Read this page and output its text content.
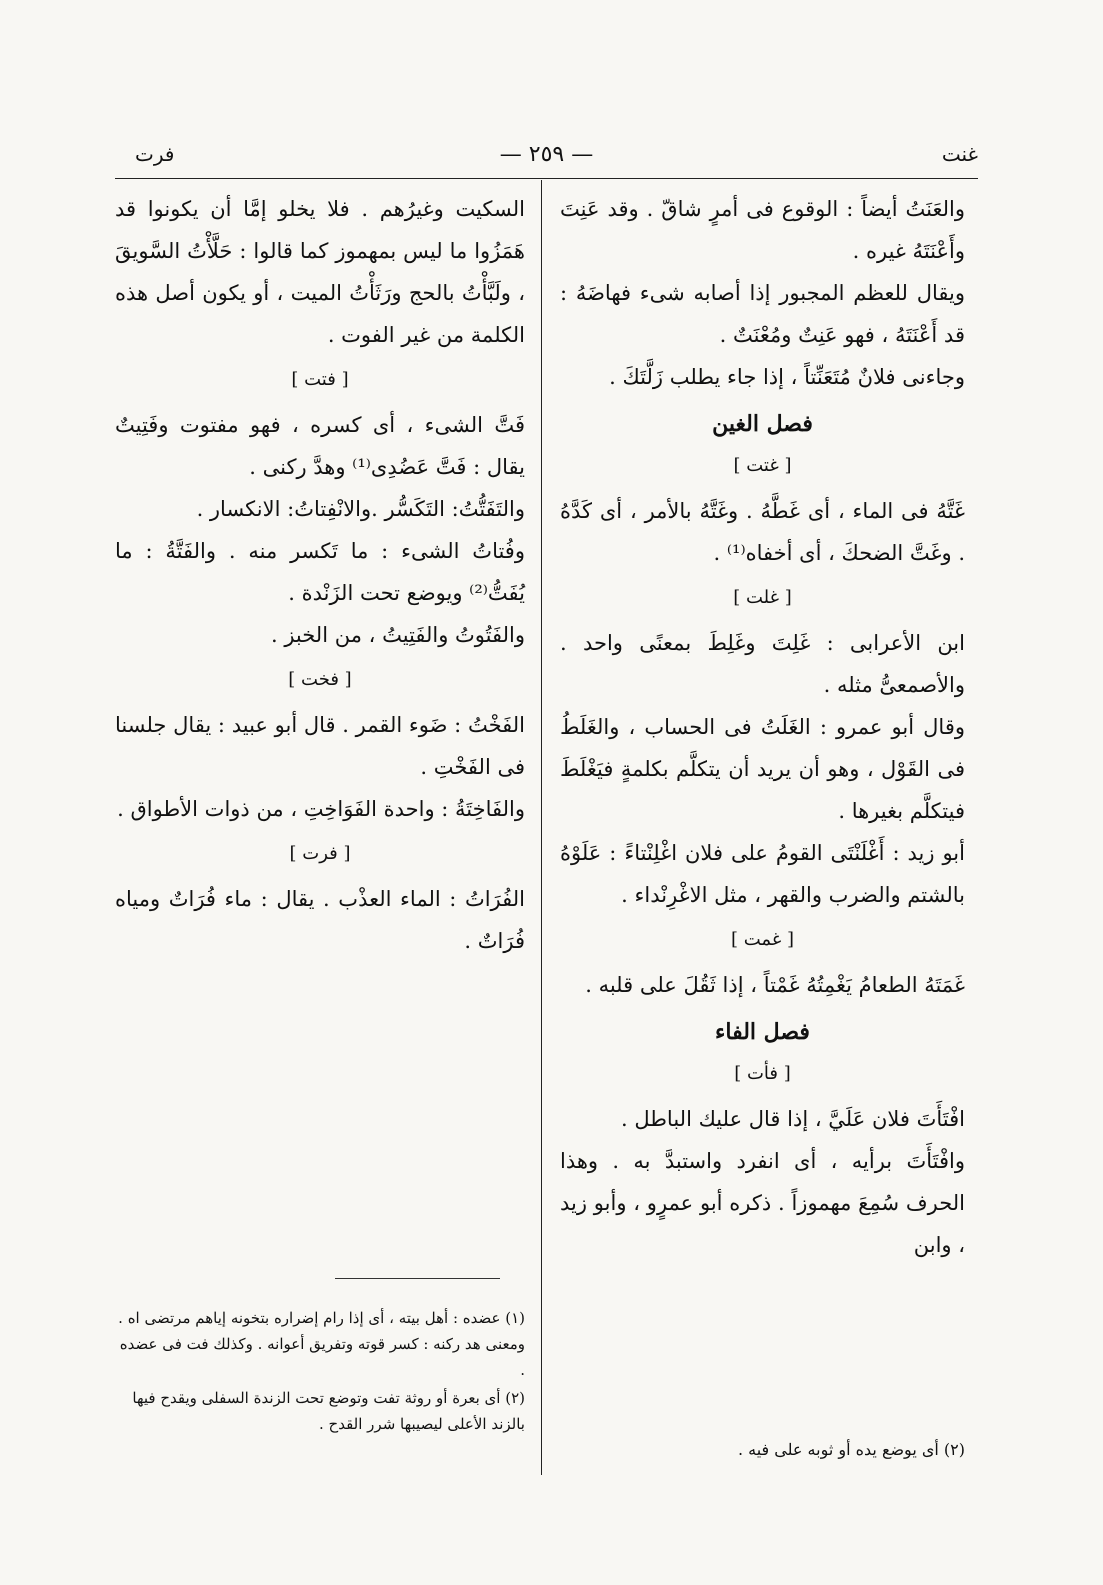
غنت
— ٢٥٩ —
فرت

والعَنَتُ أيضاً : الوقوع فى أمرٍ شاقّ . وقد عَنِتَ وأَعْنَتَهُ غيره .

ويقال للعظم المجبور إذا أصابه شىء فهاضَهُ : قد أَعْنَتَهُ ، فهو عَنِتٌ ومُعْنَتٌ .

وجاءنى فلانٌ مُتَعَنِّتاً ، إذا جاء يطلب زَلَّتَكَ .

فصل الغين
[ غتت ]

غَتَّهُ فى الماء ، أى غَطَّهُ . وغَتَّهُ بالأمر ، أى كَدَّهُ . وغَتَّ الضحكَ ، أى أخفاه⁽¹⁾ .

[ غلت ]

ابن الأعرابى : غَلِتَ وغَلِطَ بمعنًى واحد . والأصمعىُّ مثله .

وقال أبو عمرو : الغَلَتُ فى الحساب ، والغَلَطُ فى القَوْل ، وهو أن يريد أن يتكلَّم بكلمةٍ فيَغْلَطَ فيتكلَّم بغيرها .

أبو زيد : أَغْلَنْتَى القومُ على فلان اغْلِنْتاءً : عَلَوْهُ بالشتم والضرب والقهر ، مثل الاغْرِنْداء .

[ غمت ]

غَمَتَهُ الطعامُ يَغْمِتُهُ غَمْتاً ، إذا ثَقُلَ على قلبه .

فصل الفاء
[ فأت ]

افْتَأَتَ فلان عَلَيَّ ، إذا قال عليك الباطل .

وافْتَأَتَ برأيه ، أى انفرد واستبدَّ به . وهذا الحرف سُمِعَ مهموزاً . ذكره أبو عمرٍو ، وأبو زيد ، وابن

(٢) أى يوضع يده أو ثوبه على فيه .

السكيت وغيرُهم . فلا يخلو إمَّا أن يكونوا قد هَمَزُوا ما ليس بمهموز كما قالوا : حَلَّأْتُ السَّويقَ ، ولَبَّأْتُ بالحج ورَثَأْتُ الميت ، أو يكون أصل هذه الكلمة من غير الفوت .

[ فتت ]

فَتَّ الشىء ، أى كسره ، فهو مفتوت وفَتِيتٌ يقال : فَتَّ عَضُدِى⁽¹⁾ وهدَّ ركنى .

والتَفَتُّتُ: التَكَسُّر .والانْفِتاتُ: الانكسار .

وفُتاتُ الشىء : ما تَكسر منه . والفَتَّةُ : ما يُفَتُّ⁽²⁾ ويوضع تحت الزَنْدة .

والفَتُوتُ والفَتِيتُ ، من الخبز .

[ فخت ]

الفَخْتُ : ضَوء القمر . قال أبو عبيد : يقال جلسنا فى الفَخْتِ .

والفَاخِتَةُ : واحدة الفَوَاخِتِ ، من ذوات الأطواق .

[ فرت ]

الفُرَاتُ : الماء العذْب . يقال : ماء فُرَاتٌ ومياه فُرَاتٌ .

(١) عضده : أهل بيته ، أى إذا رام إضراره بتخونه إياهم مرتضى اه . ومعنى هد ركنه : كسر قوته وتفريق أعوانه . وكذلك فت فى عضده .

(٢) أى بعرة أو روثة تفت وتوضع تحت الزندة السفلى ويقدح فيها بالزند الأعلى ليصيبها شرر القدح .
